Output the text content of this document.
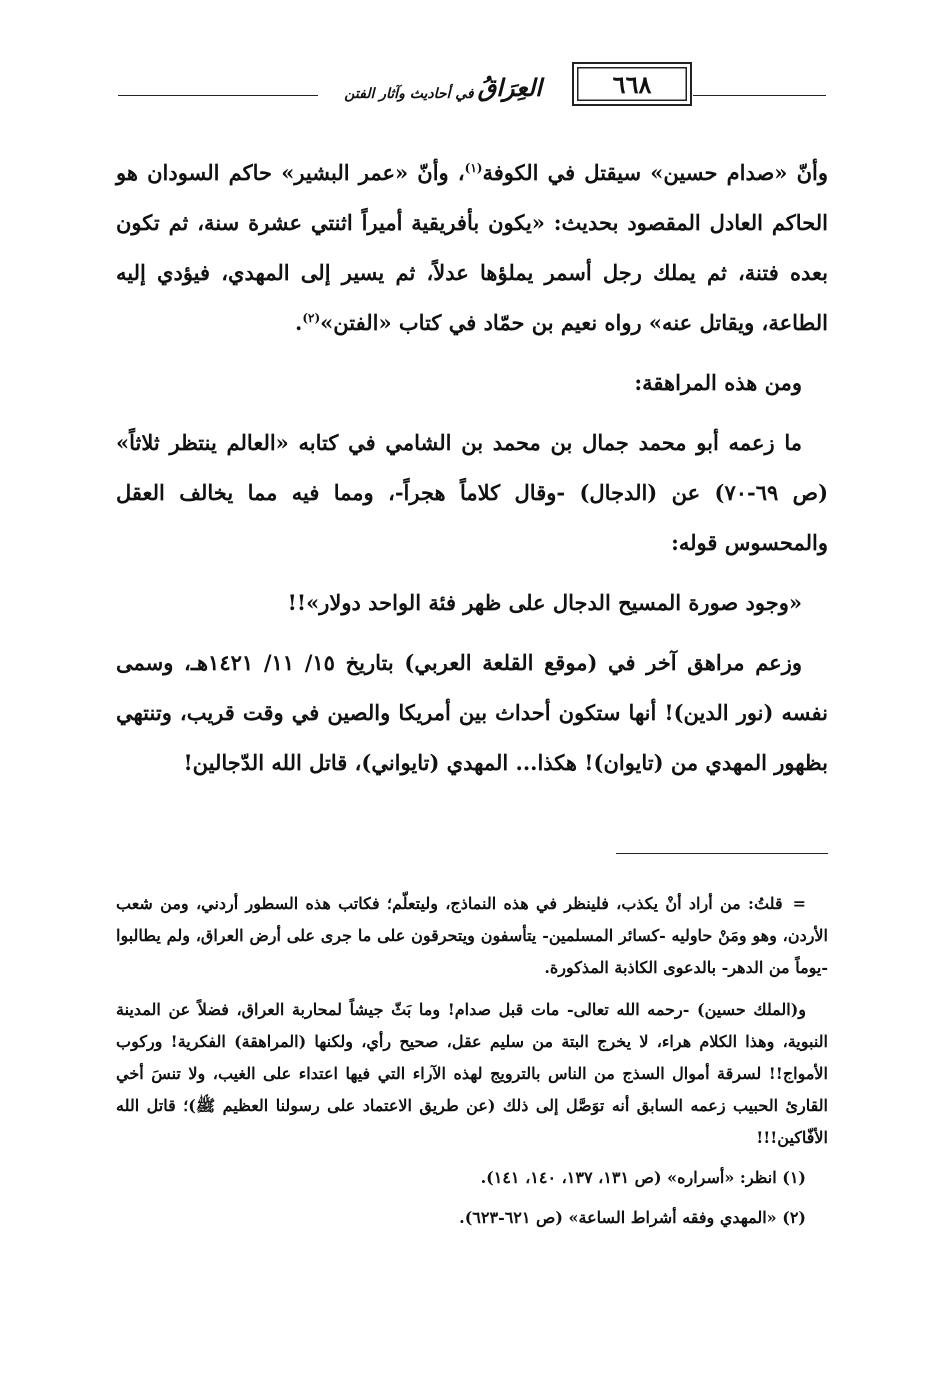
٦٦٨
العِرَاقُ
في أحاديث وآثار الفتن

وأنّ «صدام حسين» سيقتل في الكوفة$^{(١)}$، وأنّ «عمر البشير» حاكم السودان هو الحاكم العادل المقصود بحديث: «يكون بأفريقية أميراً اثنتي عشرة سنة، ثم تكون بعده فتنة، ثم يملك رجل أسمر يملؤها عدلاً، ثم يسير إلى المهدي، فيؤدي إليه الطاعة، ويقاتل عنه» رواه نعيم بن حمّاد في كتاب «الفتن»$^{(٢)}$.

ومن هذه المراهقة:

ما زعمه أبو محمد جمال بن محمد بن الشامي في كتابه «العالم ينتظر ثلاثاً» (ص ٦٩-٧٠) عن (الدجال) -وقال كلاماً هجراً-، ومما فيه مما يخالف العقل والمحسوس قوله:

«وجود صورة المسيح الدجال على ظهر فئة الواحد دولار»!!

وزعم مراهق آخر في (موقع القلعة العربي) بتاريخ ١٥/ ١١/ ١٤٢١هـ، وسمى نفسه (نور الدين)! أنها ستكون أحداث بين أمريكا والصين في وقت قريب، وتنتهي بظهور المهدي من (تايوان)! هكذا... المهدي (تايواني)، قاتل الله الدّجالين!

=قلتُ: من أراد أنْ يكذب، فلينظر في هذه النماذج، وليتعلّم؛ فكاتب هذه السطور أردني، ومن شعب الأردن، وهو ومَنْ حاوليه -كسائر المسلمين- يتأسفون ويتحرقون على ما جرى على أرض العراق، ولم يطالبوا -يوماً من الدهر- بالدعوى الكاذبة المذكورة.

و(الملك حسين) -رحمه الله تعالى- مات قبل صدام! وما بَثّ جيشاً لمحاربة العراق، فضلاً عن المدينة النبوية، وهذا الكلام هراء، لا يخرج البتة من سليم عقل، صحيح رأي، ولكنها (المراهقة) الفكرية! وركوب الأمواج!! لسرقة أموال السذج من الناس بالترويج لهذه الآراء التي فيها اعتداء على الغيب، ولا تنسَ أخي القارئ الحبيب زعمه السابق أنه توَصَّل إلى ذلك (عن طريق الاعتماد على رسولنا العظيم ﷺ)؛ قاتل الله الأفّاكين!!!

(١) انظر: «أسراره» (ص ١٣١، ١٣٧، ١٤٠، ١٤١).

(٢) «المهدي وفقه أشراط الساعة» (ص ٦٢١-٦٢٣).
